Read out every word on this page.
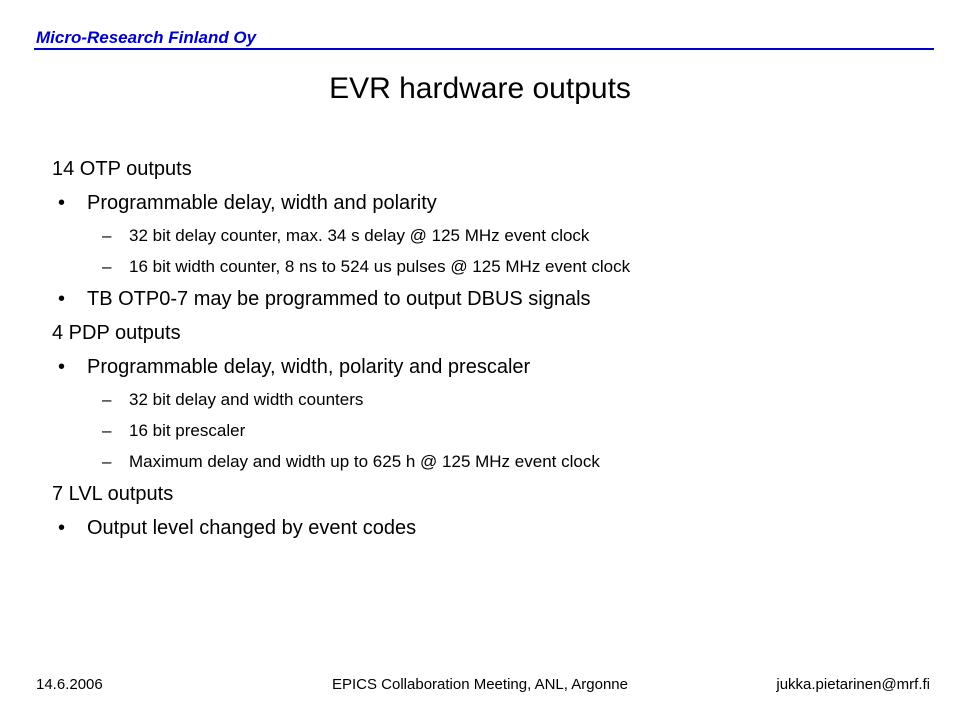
Micro-Research Finland Oy
EVR hardware outputs
14 OTP outputs
• Programmable delay, width and polarity
– 32 bit delay counter, max. 34 s delay @ 125 MHz event clock
– 16 bit width counter, 8 ns to 524 us pulses @ 125 MHz event clock
• TB OTP0-7 may be programmed to output DBUS signals
4 PDP outputs
• Programmable delay, width, polarity and prescaler
– 32 bit delay and width counters
– 16 bit prescaler
– Maximum delay and width up to 625 h @ 125 MHz event clock
7 LVL outputs
• Output level changed by event codes
14.6.2006	EPICS Collaboration Meeting, ANL, Argonne	jukka.pietarinen@mrf.fi
